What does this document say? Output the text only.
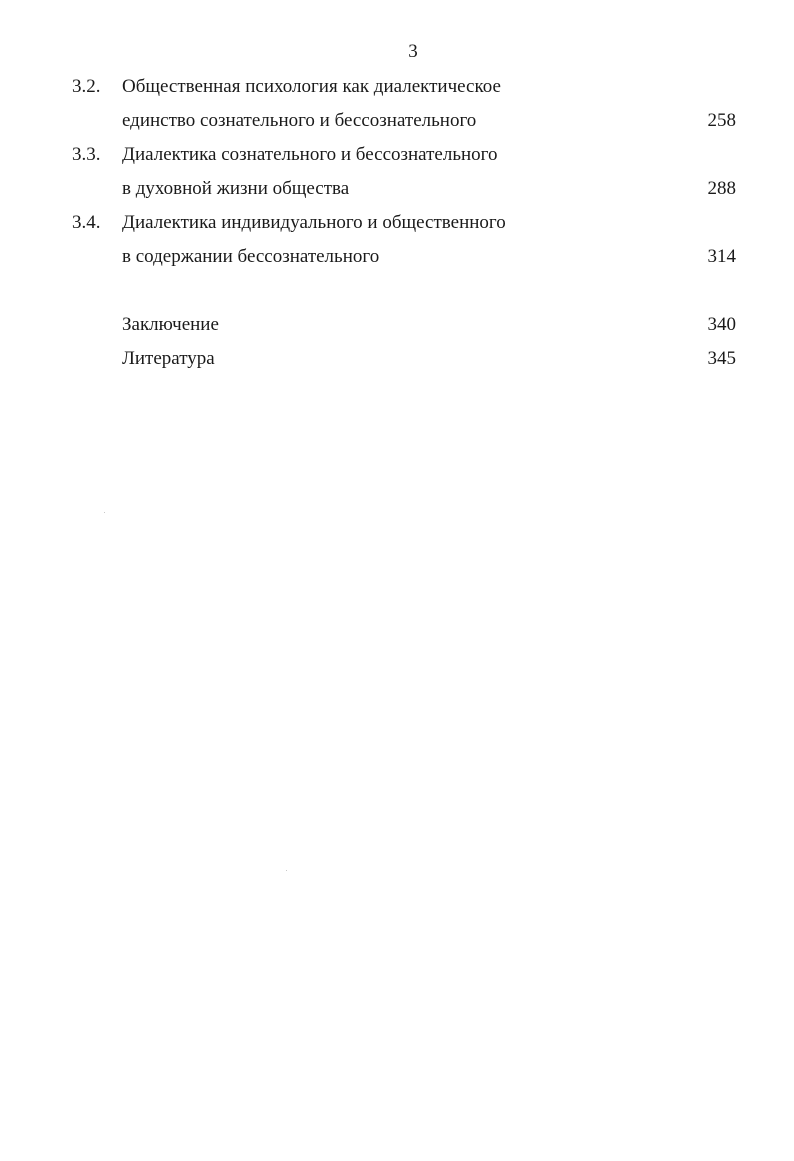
3
3.2. Общественная психология как диалектическое
единство сознательного и бессознательного	258
3.3. Диалектика сознательного и бессознательного
в духовной жизни общества	288
3.4. Диалектика индивидуального и общественного
в содержании бессознательного	314
Заключение	340
Литература	345
